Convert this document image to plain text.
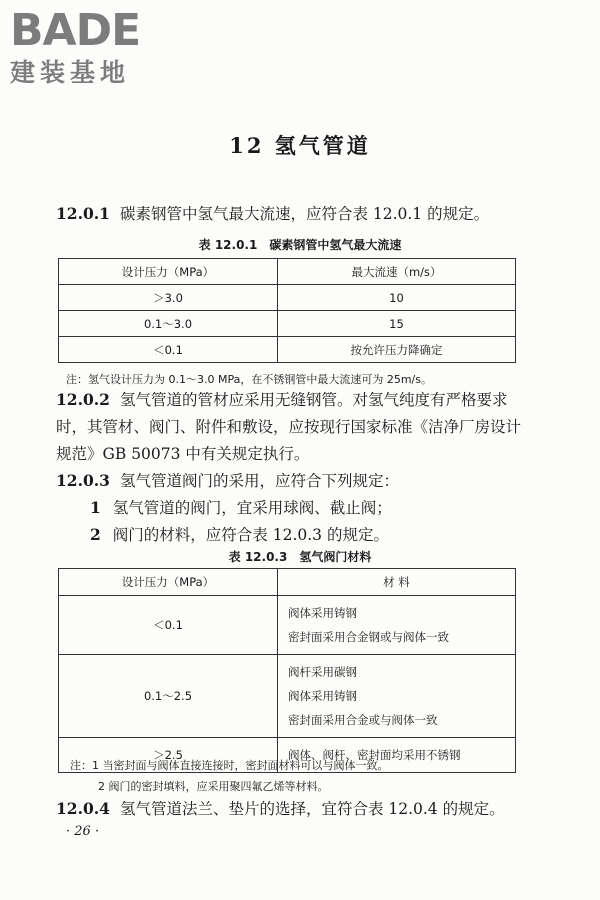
BADE
建装基地
12 氢气管道

12.0.1 碳素钢管中氢气最大流速，应符合表 12.0.1 的规定。

表 12.0.1 碳素钢管中氢气最大流速
设计压力（MPa）	最大流速（m/s）
＞3.0	10
0.1～3.0	15
＜0.1	按允许压力降确定
注：氢气设计压力为 0.1～3.0 MPa，在不锈钢管中最大流速可为 25m/s。

12.0.2 氢气管道的管材应采用无缝钢管。对氢气纯度有严格要求时，其管材、阀门、附件和敷设，应按现行国家标准《洁净厂房设计规范》GB 50073 中有关规定执行。

12.0.3 氢气管道阀门的采用，应符合下列规定：

1 氢气管道的阀门，宜采用球阀、截止阀；

2 阀门的材料，应符合表 12.0.3 的规定。

表 12.0.3 氢气阀门材料
设计压力（MPa）	材 料
＜0.1	阀体采用铸钢
密封面采用合金钢或与阀体一致

0.1～2.5	阀杆采用碳钢
阀体采用铸钢
密封面采用合金或与阀体一致

＞2.5	阀体、阀杆、密封面均采用不锈钢
注：1 当密封面与阀体直接连接时，密封面材料可以与阀体一致。
2 阀门的密封填料，应采用聚四氟乙烯等材料。

12.0.4 氢气管道法兰、垫片的选择，宜符合表 12.0.4 的规定。

· 26 ·
